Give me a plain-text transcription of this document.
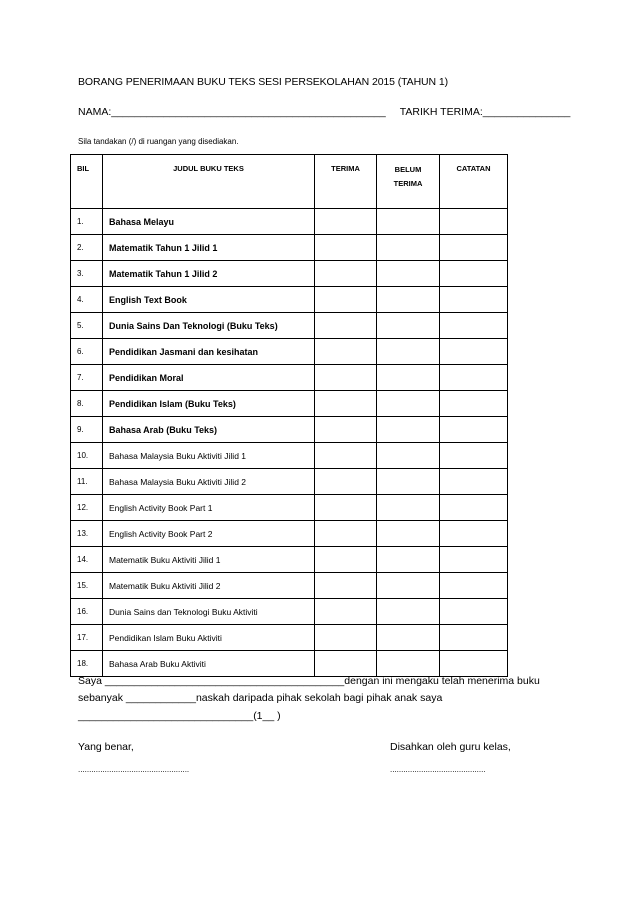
BORANG PENERIMAAN BUKU TEKS SESI PERSEKOLAHAN 2015 (TAHUN 1)
NAMA:_______________________________________________ TARIKH TERIMA:_______________
Sila tandakan (/) di ruangan yang disediakan.
BIL	JUDUL BUKU TEKS	TERIMA	BELUM
TERIMA	CATATAN
1.	Bahasa Melayu			
2.	Matematik Tahun 1 Jilid 1			
3.	Matematik Tahun 1 Jilid 2			
4.	English Text Book			
5.	Dunia Sains Dan Teknologi (Buku Teks)			
6.	Pendidikan Jasmani dan kesihatan			
7.	Pendidikan Moral			
8.	Pendidikan Islam (Buku Teks)			
9.	Bahasa Arab (Buku Teks)			
10.	Bahasa Malaysia Buku Aktiviti Jilid 1			
11.	Bahasa Malaysia Buku Aktiviti Jilid 2			
12.	English Activity Book Part 1			
13.	English Activity Book Part 2			
14.	Matematik Buku Aktiviti Jilid 1			
15.	Matematik Buku Aktiviti Jilid 2			
16.	Dunia Sains dan Teknologi Buku Aktiviti			
17.	Pendidikan Islam Buku Aktiviti			
18.	Bahasa Arab Buku Aktiviti			
Saya _________________________________________dengan ini mengaku telah menerima buku
sebanyak ____________naskah daripada pihak sekolah bagi pihak anak saya
______________________________(1__ )
Yang benar,	Disahkan oleh guru kelas,
..................................................	...........................................
